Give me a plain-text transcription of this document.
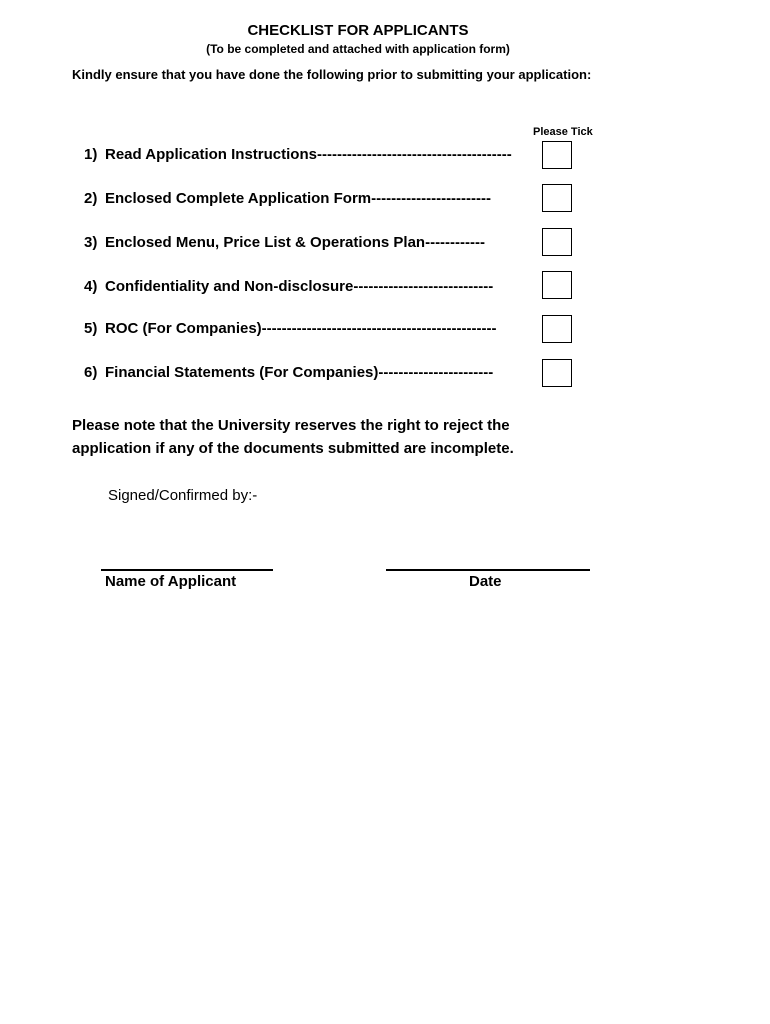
CHECKLIST FOR APPLICANTS
(To be completed and attached with application form)
Kindly ensure that you have done the following prior to submitting your application:
Please Tick
1) Read Application Instructions---------------------------------------
2) Enclosed Complete Application Form------------------------
3) Enclosed Menu, Price List & Operations Plan------------
4) Confidentiality and Non-disclosure----------------------------
5) ROC (For Companies)-----------------------------------------------
6) Financial Statements (For Companies)-----------------------
Please note that the University reserves the right to reject the application if any of the documents submitted are incomplete.
Signed/Confirmed by:-
Name of Applicant	Date
